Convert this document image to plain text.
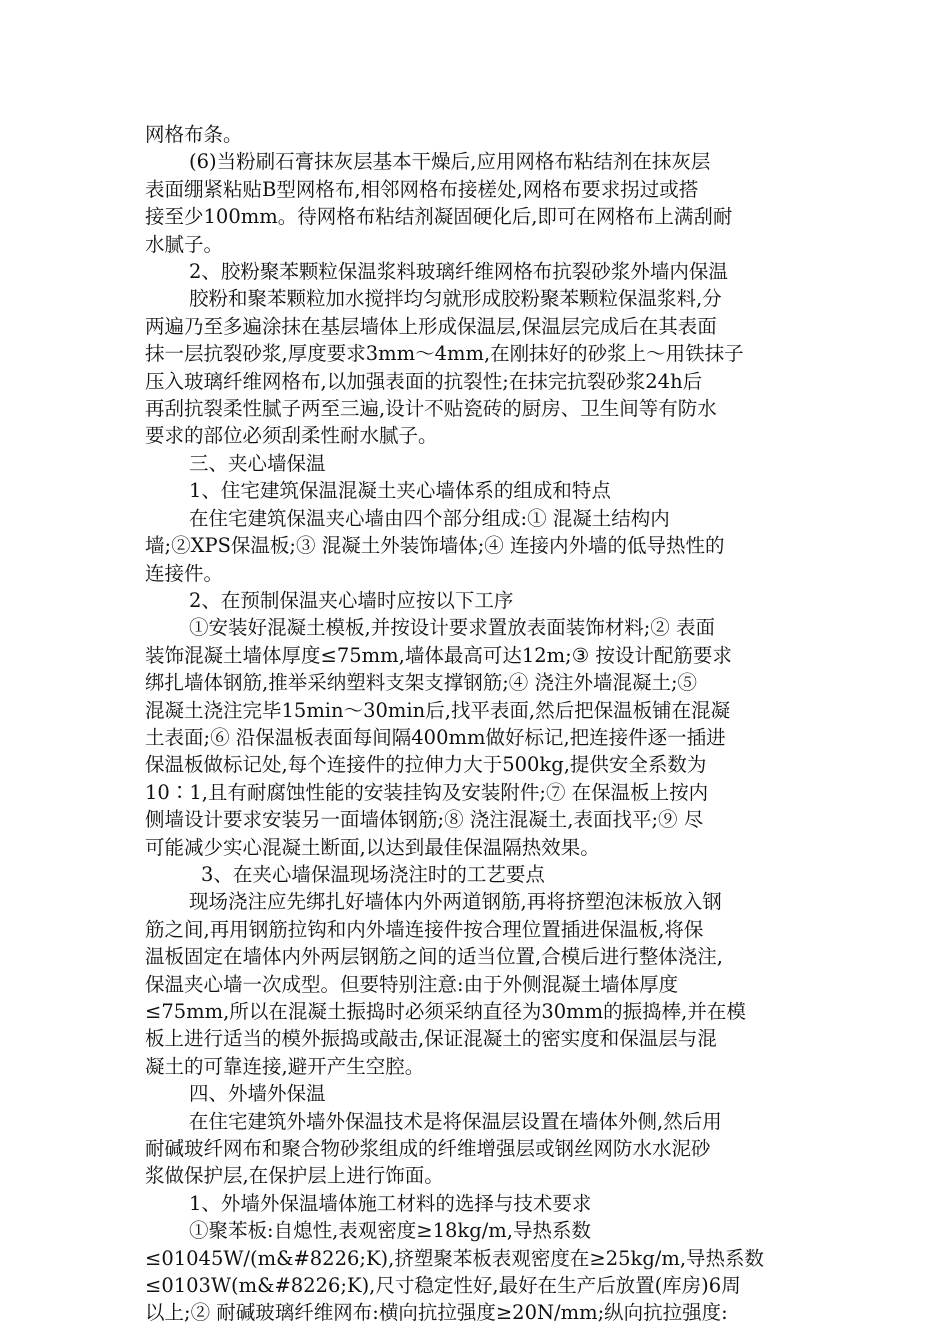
网格布条。
(6)当粉刷石膏抹灰层基本干燥后,应用网格布粘结剂在抹灰层
表面绷紧粘贴B型网格布,相邻网格布接槎处,网格布要求拐过或搭
接至少100mm。待网格布粘结剂凝固硬化后,即可在网格布上满刮耐
水腻子。
2、胶粉聚苯颗粒保温浆料玻璃纤维网格布抗裂砂浆外墙内保温
胶粉和聚苯颗粒加水搅拌均匀就形成胶粉聚苯颗粒保温浆料,分
两遍乃至多遍涂抹在基层墙体上形成保温层,保温层完成后在其表面
抹一层抗裂砂浆,厚度要求3mm～4mm,在刚抹好的砂浆上～用铁抹子
压入玻璃纤维网格布,以加强表面的抗裂性;在抹完抗裂砂浆24h后
再刮抗裂柔性腻子两至三遍,设计不贴瓷砖的厨房、卫生间等有防水
要求的部位必须刮柔性耐水腻子。
三、夹心墙保温
1、住宅建筑保温混凝土夹心墙体系的组成和特点
在住宅建筑保温夹心墙由四个部分组成:① 混凝土结构内
墙;②XPS保温板;③ 混凝土外装饰墙体;④ 连接内外墙的低导热性的
连接件。
2、在预制保温夹心墙时应按以下工序
①安装好混凝土模板,并按设计要求置放表面装饰材料;② 表面
装饰混凝土墙体厚度≤75mm,墙体最高可达12m;③ 按设计配筋要求
绑扎墙体钢筋,推举采纳塑料支架支撑钢筋;④ 浇注外墙混凝土;⑤
混凝土浇注完毕15min～30min后,找平表面,然后把保温板铺在混凝
土表面;⑥ 沿保温板表面每间隔400mm做好标记,把连接件逐一插进
保温板做标记处,每个连接件的拉伸力大于500kg,提供安全系数为
10∶1,且有耐腐蚀性能的安装挂钩及安装附件;⑦ 在保温板上按内
侧墙设计要求安装另一面墙体钢筋;⑧ 浇注混凝土,表面找平;⑨ 尽
可能减少实心混凝土断面,以达到最佳保温隔热效果。
3、在夹心墙保温现场浇注时的工艺要点
现场浇注应先绑扎好墙体内外两道钢筋,再将挤塑泡沫板放入钢
筋之间,再用钢筋拉钩和内外墙连接件按合理位置插进保温板,将保
温板固定在墙体内外两层钢筋之间的适当位置,合模后进行整体浇注,
保温夹心墙一次成型。但要特别注意:由于外侧混凝土墙体厚度
≤75mm,所以在混凝土振捣时必须采纳直径为30mm的振捣棒,并在模
板上进行适当的模外振捣或敲击,保证混凝土的密实度和保温层与混
凝土的可靠连接,避开产生空腔。
四、外墙外保温
在住宅建筑外墙外保温技术是将保温层设置在墙体外侧,然后用
耐碱玻纤网布和聚合物砂浆组成的纤维增强层或钢丝网防水水泥砂
浆做保护层,在保护层上进行饰面。
1、外墙外保温墙体施工材料的选择与技术要求
①聚苯板:自熄性,表观密度≥18kg/m,导热系数
≤01045W/(m&#8226;K),挤塑聚苯板表观密度在≥25kg/m,导热系数
≤0103W(m&#8226;K),尺寸稳定性好,最好在生产后放置(库房)6周
以上;② 耐碱玻璃纤维网布:横向抗拉强度≥20N/mm;纵向抗拉强度:
